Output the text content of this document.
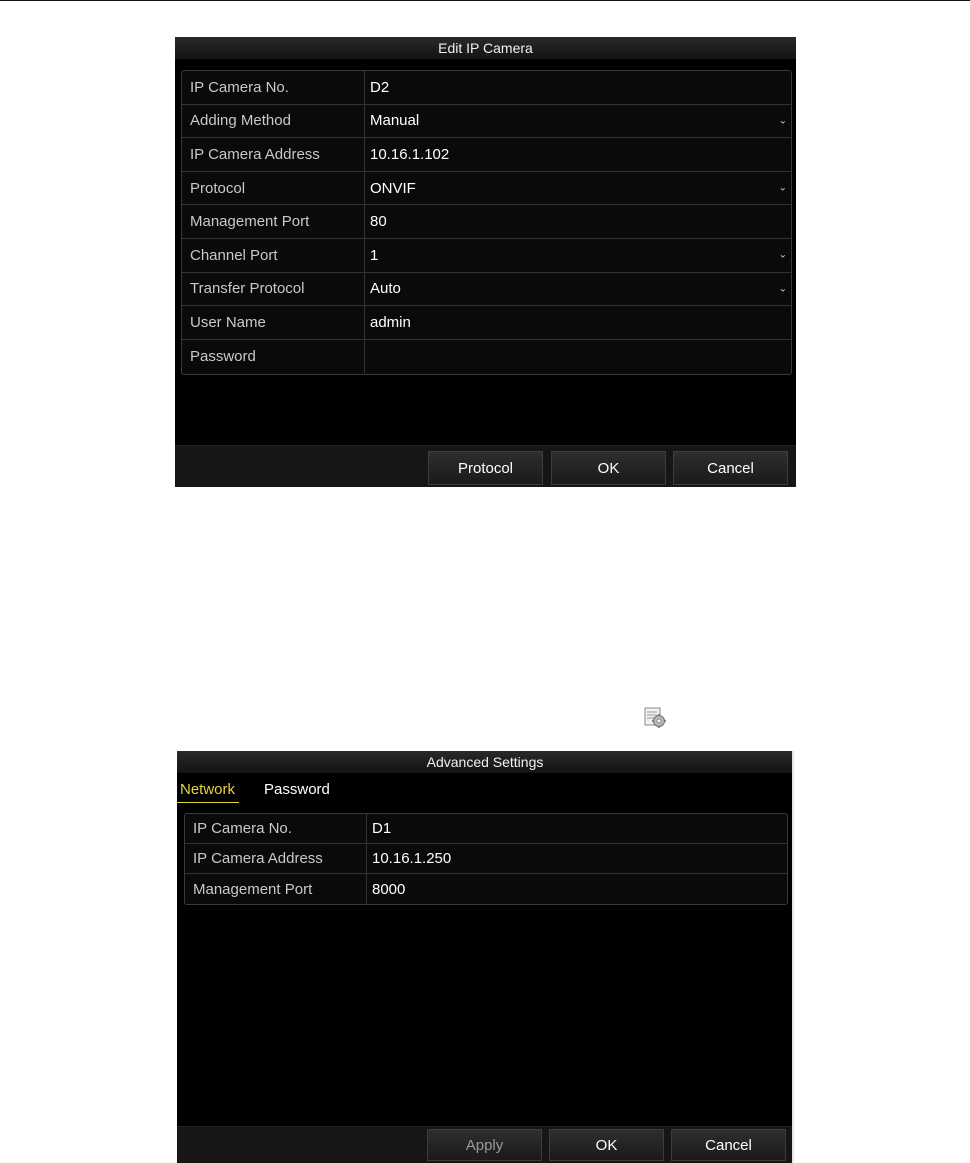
Edit IP Camera
IP Camera No.	D2
Adding Method	Manual	⌄
IP Camera Address	10.16.1.102
Protocol	ONVIF	⌄
Management Port	80
Channel Port	1	⌄
Transfer Protocol	Auto	⌄
User Name	admin
Password
Protocol	OK	Cancel
Advanced Settings
Network Password
IP Camera No.	D1
IP Camera Address	10.16.1.250
Management Port	8000
Apply	OK	Cancel
